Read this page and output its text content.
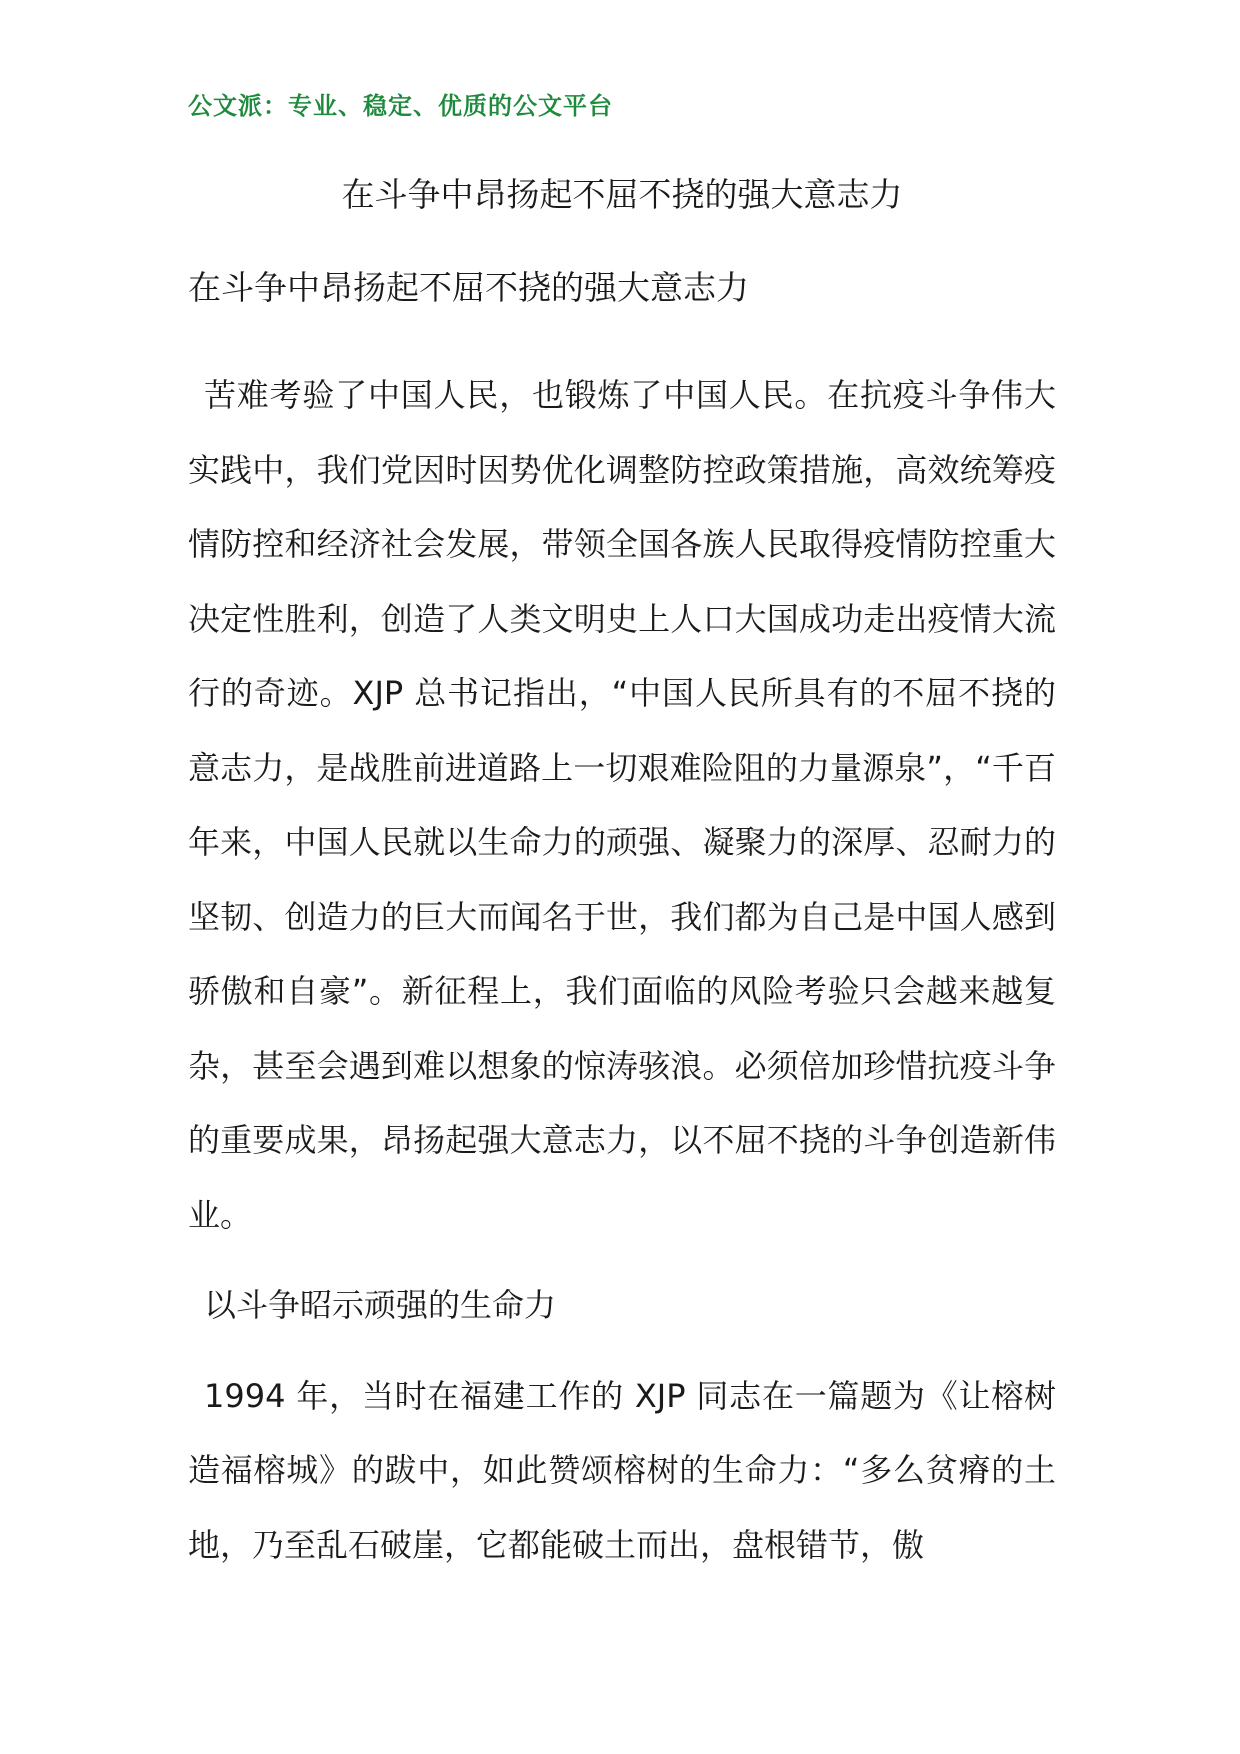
公文派：专业、稳定、优质的公文平台
在斗争中昂扬起不屈不挠的强大意志力
在斗争中昂扬起不屈不挠的强大意志力

苦难考验了中国人民，也锻炼了中国人民。在抗疫斗争伟大实践中，我们党因时因势优化调整防控政策措施，高效统筹疫情防控和经济社会发展，带领全国各族人民取得疫情防控重大决定性胜利，创造了人类文明史上人口大国成功走出疫情大流行的奇迹。XJP 总书记指出，“中国人民所具有的不屈不挠的意志力，是战胜前进道路上一切艰难险阻的力量源泉”，“千百年来，中国人民就以生命力的顽强、凝聚力的深厚、忍耐力的坚韧、创造力的巨大而闻名于世，我们都为自己是中国人感到骄傲和自豪”。新征程上，我们面临的风险考验只会越来越复杂，甚至会遇到难以想象的惊涛骇浪。必须倍加珍惜抗疫斗争的重要成果，昂扬起强大意志力，以不屈不挠的斗争创造新伟业。

以斗争昭示顽强的生命力

1994 年，当时在福建工作的 XJP 同志在一篇题为《让榕树造福榕城》的跋中，如此赞颂榕树的生命力：“多么贫瘠的土地，乃至乱石破崖，它都能破土而出，盘根错节，傲
